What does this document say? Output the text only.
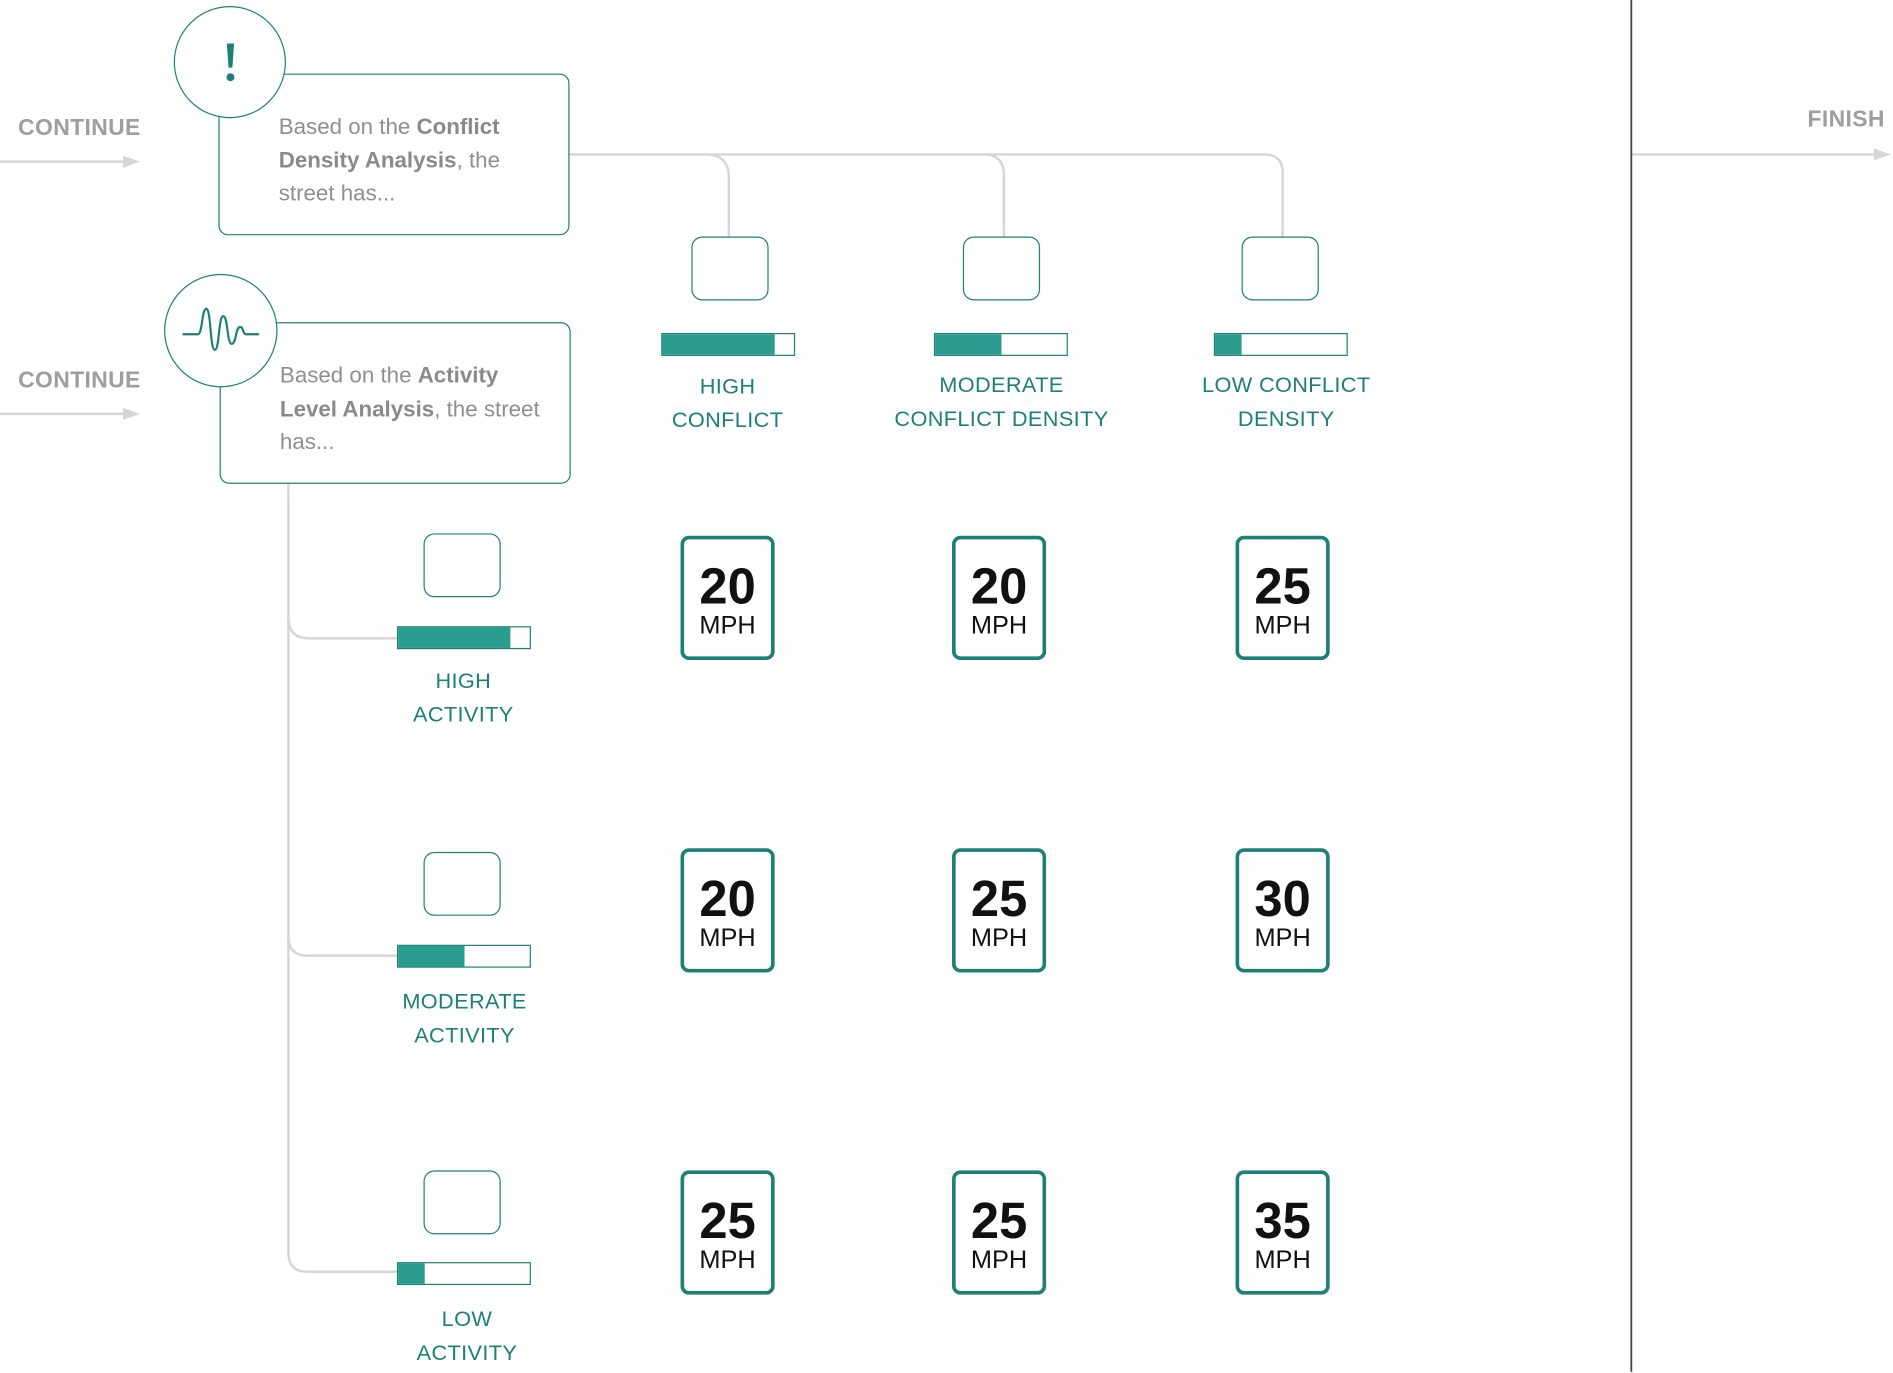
CONTINUE
CONTINUE
FINISH
Based on the Conflict Density Analysis, the street has...
Based on the Activity Level Analysis, the street has...
HIGH
CONFLICT
MODERATE
CONFLICT DENSITY
LOW CONFLICT
DENSITY
HIGH
ACTIVITY
MODERATE
ACTIVITY
LOW
ACTIVITY
20
MPH
20
MPH
25
MPH
20
MPH
25
MPH
30
MPH
25
MPH
25
MPH
35
MPH
